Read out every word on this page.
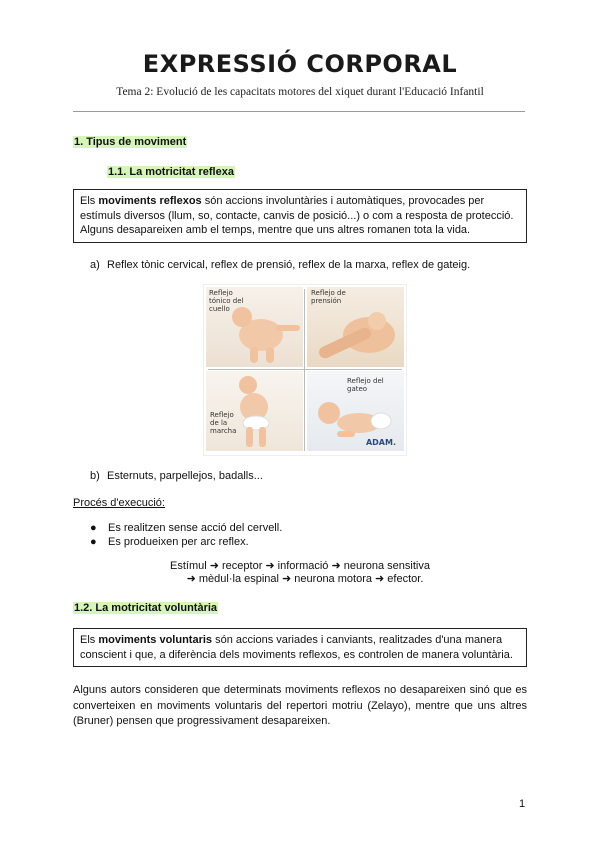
EXPRESSIÓ CORPORAL
Tema 2: Evolució de les capacitats motores del xiquet durant l'Educació Infantil
1. Tipus de moviment
1.1. La motricitat reflexa
Els moviments reflexos són accions involuntàries i automàtiques, provocades per
estímuls diversos (llum, so, contacte, canvis de posició...) o com a resposta de protecció.
Alguns desapareixen amb el temps, mentre que uns altres romanen tota la vida.
a) Reflex tònic cervical, reflex de prensió, reflex de la marxa, reflex de gateig.
Reflejo
tónico del
cuello
Reflejo de
prensión
Reflejo
de la
marcha
Reflejo del
gateo
ADAM.
b) Esternuts, parpellejos, badalls...
Procés d'execució:
● Es realitzen sense acció del cervell.
● Es produeixen per arc reflex.
Estímul ➜ receptor ➜ informació ➜ neurona sensitiva
➜ mèdul·la espinal ➜ neurona motora ➜ efector.
1.2. La motricitat voluntària
Els moviments voluntaris són accions variades i canviants, realitzades d'una manera
conscient i que, a diferència dels moviments reflexos, es controlen de manera voluntària.
Alguns autors consideren que determinats moviments reflexos no desapareixen sinó que es converteixen en moviments voluntaris del repertori motriu (Zelayo), mentre que uns altres (Bruner) pensen que progressivament desapareixen.
1
